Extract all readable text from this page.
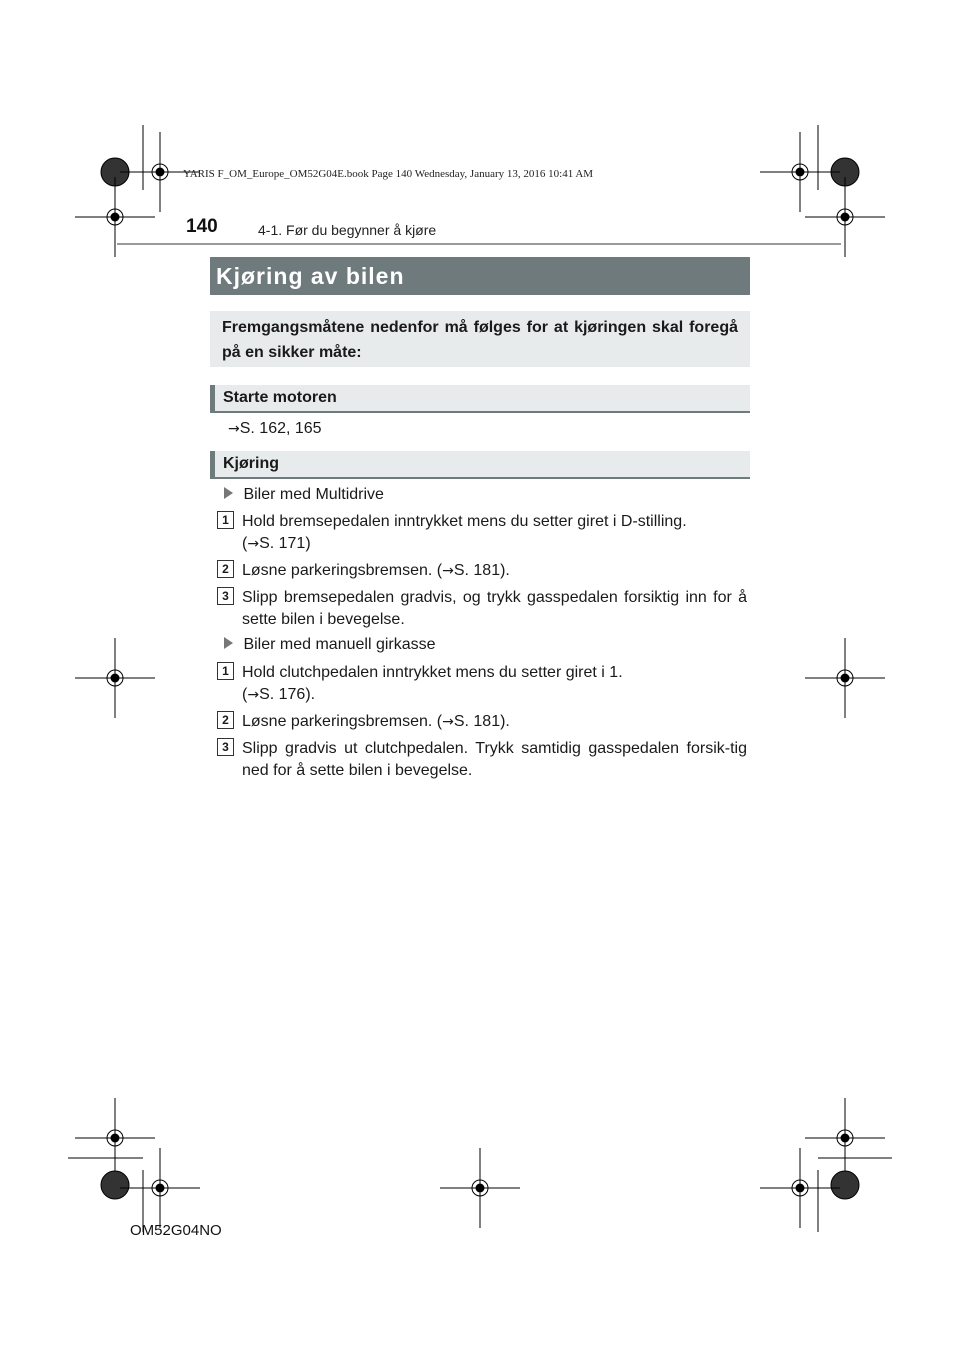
YARIS F_OM_Europe_OM52G04E.book Page 140 Wednesday, January 13, 2016 10:41 AM
140	4-1. Før du begynner å kjøre
Kjøring av bilen
Fremgangsmåtene nedenfor må følges for at kjøringen skal foregå på en sikker måte:
Starte motoren
→S. 162, 165
Kjøring
Biler med Multidrive
1 Hold bremsepedalen inntrykket mens du setter giret i D-stilling.
(→S. 171)
2 Løsne parkeringsbremsen. (→S. 181).
3 Slipp bremsepedalen gradvis, og trykk gasspedalen forsiktig inn for å sette bilen i bevegelse.
Biler med manuell girkasse
1 Hold clutchpedalen inntrykket mens du setter giret i 1.
(→S. 176).
2 Løsne parkeringsbremsen. (→S. 181).
3 Slipp gradvis ut clutchpedalen. Trykk samtidig gasspedalen forsik-tig ned for å sette bilen i bevegelse.
OM52G04NO
